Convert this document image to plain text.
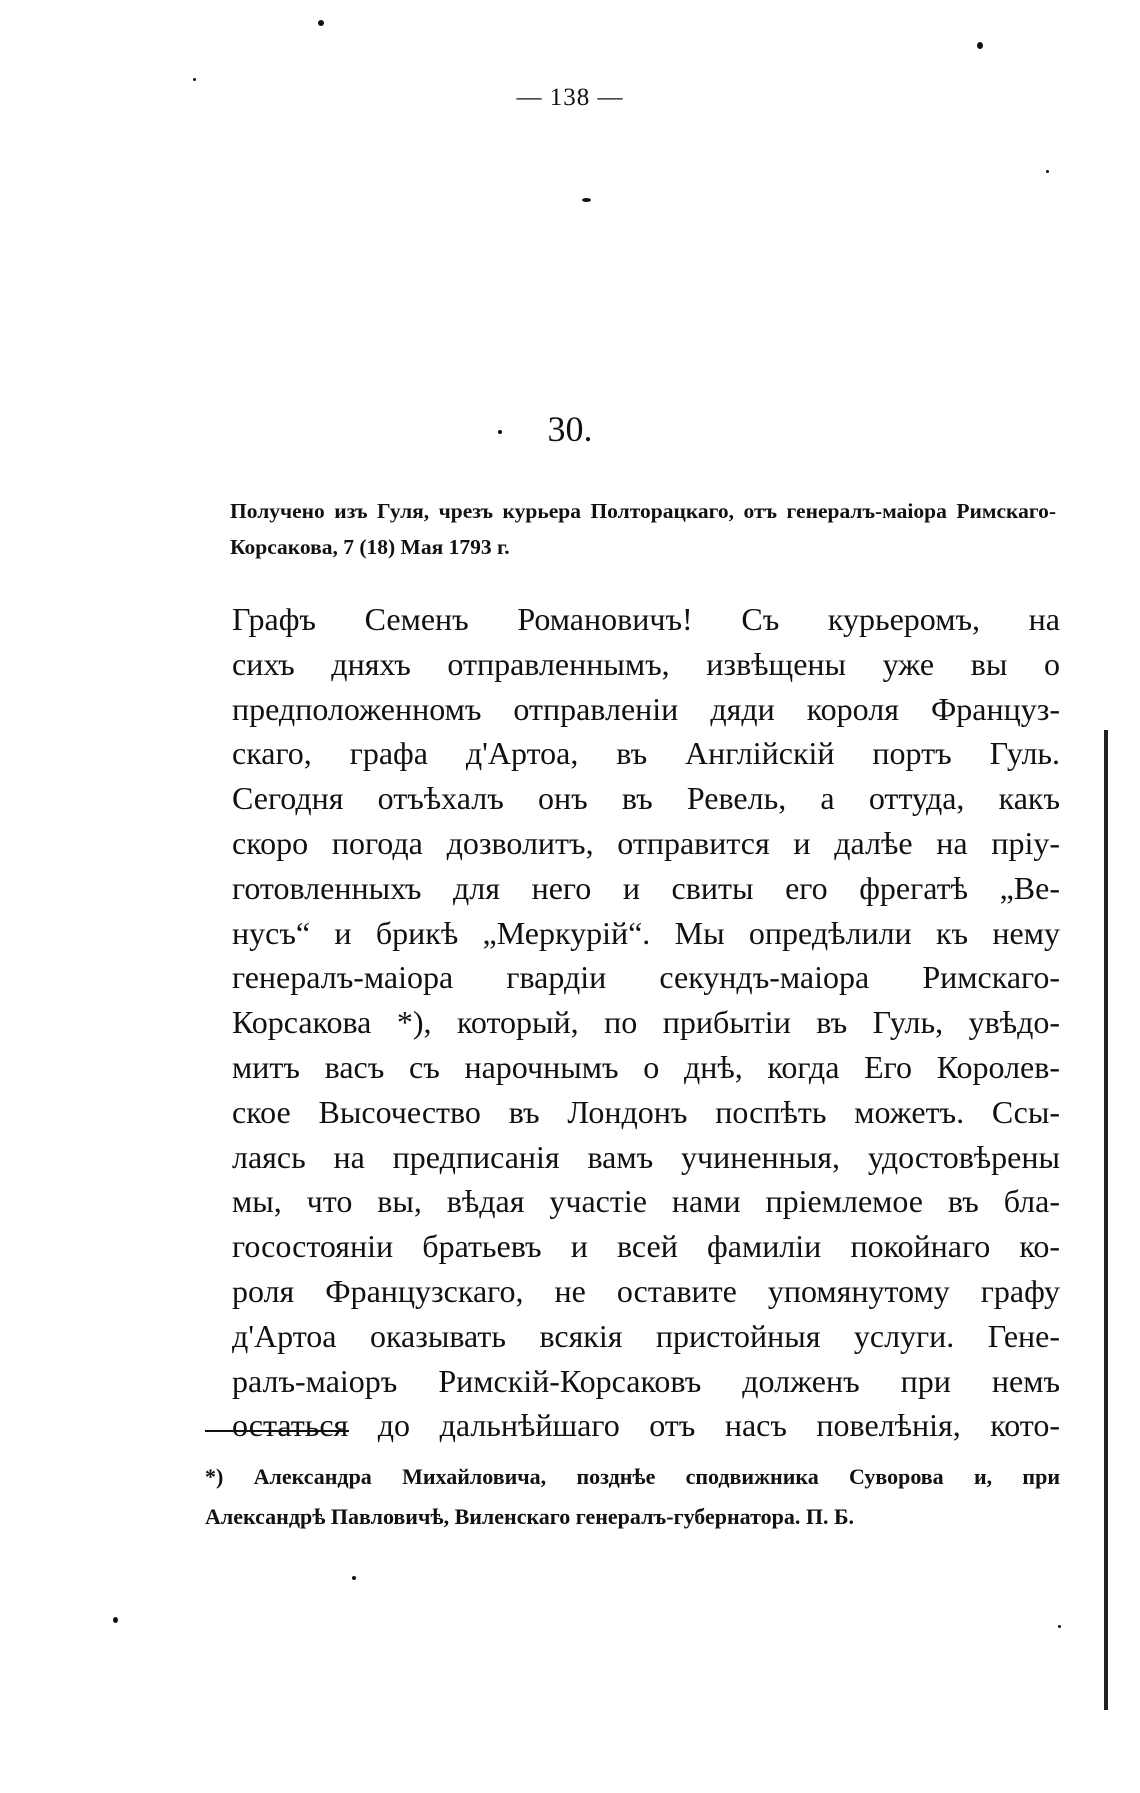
— 138 —
30.
Получено изъ Гуля, чрезъ курьера Полторацкаго, отъ генералъ-маіора Римскаго-Корсакова, 7 (18) Мая 1793 г.
Графъ Семенъ Романовичъ! Съ курьеромъ, на
сихъ дняхъ отправленнымъ, извѣщены уже вы о
предположенномъ отправленіи дяди короля Француз-
скаго, графа д'Артоа, въ Англійскій портъ Гуль.
Сегодня отъѣхалъ онъ въ Ревель, а оттуда, какъ
скоро погода дозволитъ, отправится и далѣе на пріу-
готовленныхъ для него и свиты его фрегатѣ „Ве-
нусъ“ и брикѣ „Меркурій“. Мы опредѣлили къ нему
генералъ-маіора гвардіи секундъ-маіора Римскаго-
Корсакова *), который, по прибытіи въ Гуль, увѣдо-
митъ васъ съ нарочнымъ о днѣ, когда Его Королев-
ское Высочество въ Лондонъ поспѣть можетъ. Ссы-
лаясь на предписанія вамъ учиненныя, удостовѣрены
мы, что вы, вѣдая участіе нами пріемлемое въ бла-
госостояніи братьевъ и всей фамиліи покойнаго ко-
роля Французскаго, не оставите упомянутому графу
д'Артоа оказывать всякія пристойныя услуги. Гене-
ралъ-маіоръ Римскій-Корсаковъ долженъ при немъ
остаться до дальнѣйшаго отъ насъ повелѣнія, кото-
*) Александра Михайловича, позднѣе сподвижника Суворова и, при
Александрѣ Павловичѣ, Виленскаго генералъ-губернатора. П. Б.
